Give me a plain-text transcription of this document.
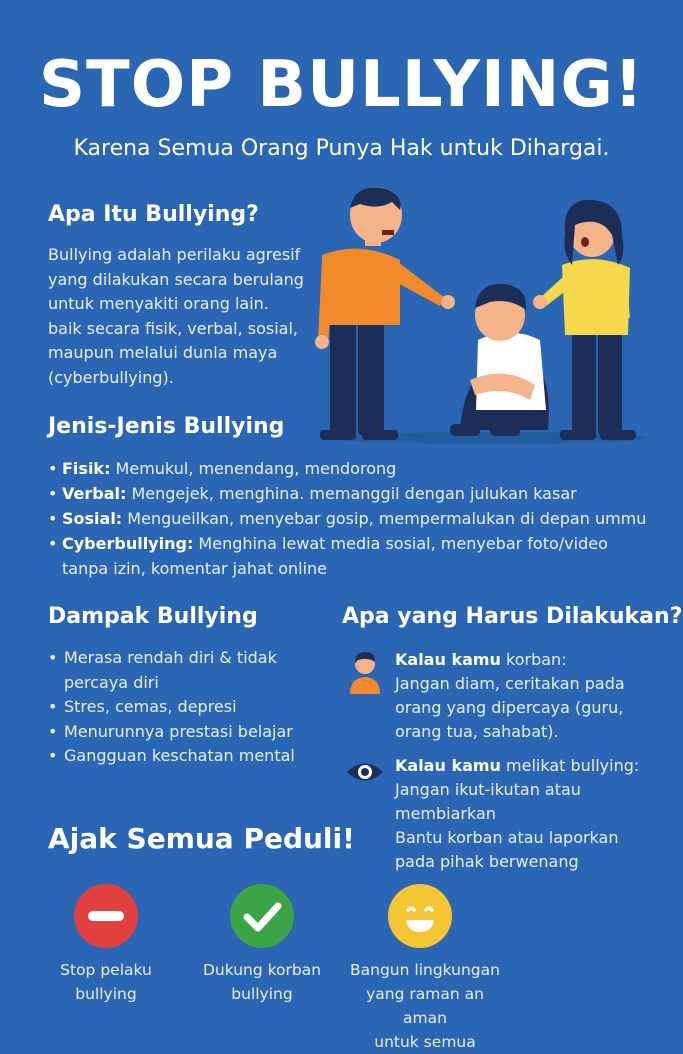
STOP BULLYING!
Karena Semua Orang Punya Hak untuk Dihargai.
Apa Itu Bullying?
Bullying adalah perilaku agresif
yang dilakukan secara berulang
untuk menyakiti orang lain.
baik secara fisik, verbal, sosial,
maupun melalui dunla maya
(cyberbullying).
Jenis-Jenis Bullying
• Fisik: Memukul, menendang, mendorong
• Verbal: Mengejek, menghina. memanggil dengan julukan kasar
• Sosial: Mengueilkan, menyebar gosip, mempermalukan di depan ummu
• Cyberbullying: Menghina lewat media sosial, menyebar foto/video
tanpa izin, komentar jahat online
Dampak Bullying
• Merasa rendah diri & tidak
percaya diri
• Stres, cemas, depresi
• Menurunnya prestasi belajar
• Gangguan keschatan mental
Apa yang Harus Dilakukan?
Kalau kamu korban:
Jangan diam, ceritakan pada
orang yang dipercaya (guru,
orang tua, sahabat).
Kalau kamu melikat bullying:
Jangan ikut-ikutan atau
membiarkan
Bantu korban atau laporkan
pada pihak berwenang
Ajak Semua Peduli!
Stop pelaku
bullying
Dukung korban
bullying
Bangun lingkungan
yang raman an aman
untuk semua
